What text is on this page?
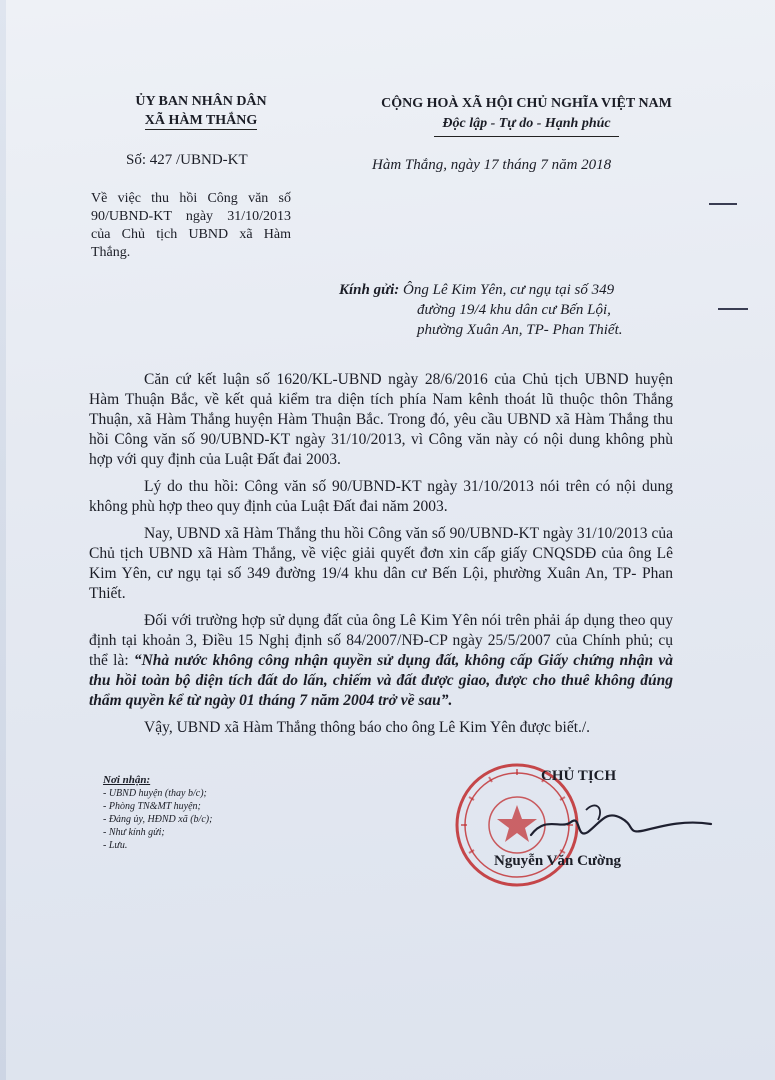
ỦY BAN NHÂN DÂN
XÃ HÀM THẮNG
CỘNG HOÀ XÃ HỘI CHỦ NGHĨA VIỆT NAM
Độc lập - Tự do - Hạnh phúc
Số: 427 /UBND-KT	Hàm Thắng, ngày 17 tháng 7 năm 2018
Về việc thu hồi Công văn số 90/UBND-KT ngày 31/10/2013 của Chủ tịch UBND xã Hàm Thắng.
Kính gửi: Ông Lê Kim Yên, cư ngụ tại số 349
đường 19/4 khu dân cư Bến Lội,
phường Xuân An, TP- Phan Thiết.

Căn cứ kết luận số 1620/KL-UBND ngày 28/6/2016 của Chủ tịch UBND huyện Hàm Thuận Bắc, về kết quả kiểm tra diện tích phía Nam kênh thoát lũ thuộc thôn Thắng Thuận, xã Hàm Thắng huyện Hàm Thuận Bắc. Trong đó, yêu cầu UBND xã Hàm Thắng thu hồi Công văn số 90/UBND-KT ngày 31/10/2013, vì Công văn này có nội dung không phù hợp với quy định của Luật Đất đai 2003.

Lý do thu hồi: Công văn số 90/UBND-KT ngày 31/10/2013 nói trên có nội dung không phù hợp theo quy định của Luật Đất đai năm 2003.

Nay, UBND xã Hàm Thắng thu hồi Công văn số 90/UBND-KT ngày 31/10/2013 của Chủ tịch UBND xã Hàm Thắng, về việc giải quyết đơn xin cấp giấy CNQSDĐ của ông Lê Kim Yên, cư ngụ tại số 349 đường 19/4 khu dân cư Bến Lội, phường Xuân An, TP- Phan Thiết.

Đối với trường hợp sử dụng đất của ông Lê Kim Yên nói trên phải áp dụng theo quy định tại khoản 3, Điều 15 Nghị định số 84/2007/NĐ-CP ngày 25/5/2007 của Chính phủ; cụ thể là: “Nhà nước không công nhận quyền sử dụng đất, không cấp Giấy chứng nhận và thu hồi toàn bộ diện tích đất do lấn, chiếm và đất được giao, được cho thuê không đúng thẩm quyền kể từ ngày 01 tháng 7 năm 2004 trở về sau”.

Vậy, UBND xã Hàm Thắng thông báo cho ông Lê Kim Yên được biết./.

Nơi nhận:
- UBND huyện (thay b/c);
- Phòng TN&MT huyện;
- Đảng ủy, HĐND xã (b/c);
- Như kính gửi;
- Lưu.
CHỦ TỊCH
Nguyễn Văn Cường
